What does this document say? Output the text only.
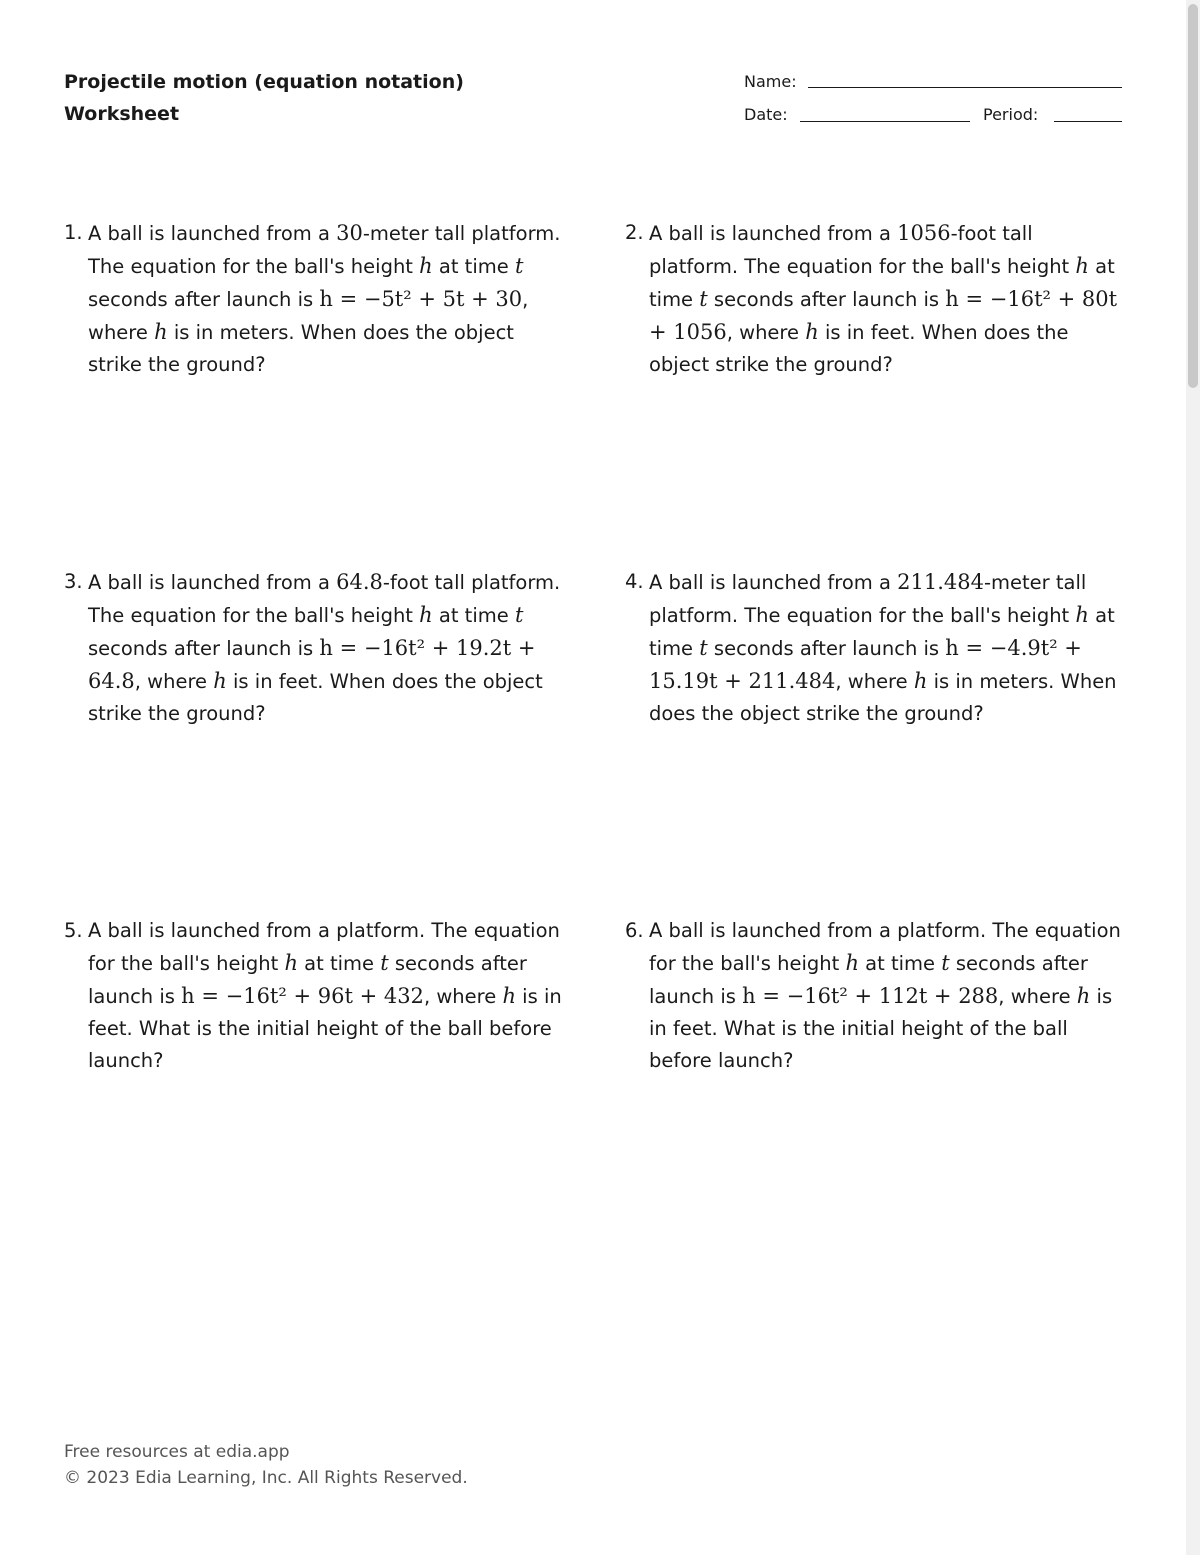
Projectile motion (equation notation)
Worksheet
Name:
Date:	Period:
1. A ball is launched from a 30-meter tall platform. The equation for the ball's height h at time t seconds after launch is h = −5t² + 5t + 30, where h is in meters. When does the object strike the ground?
2. A ball is launched from a 1056-foot tall platform. The equation for the ball's height h at time t seconds after launch is h = −16t² + 80t + 1056, where h is in feet. When does the object strike the ground?
3. A ball is launched from a 64.8-foot tall platform. The equation for the ball's height h at time t seconds after launch is h = −16t² + 19.2t + 64.8, where h is in feet. When does the object strike the ground?
4. A ball is launched from a 211.484-meter tall platform. The equation for the ball's height h at time t seconds after launch is h = −4.9t² + 15.19t + 211.484, where h is in meters. When does the object strike the ground?
5. A ball is launched from a platform. The equation for the ball's height h at time t seconds after launch is h = −16t² + 96t + 432, where h is in feet. What is the initial height of the ball before launch?
6. A ball is launched from a platform. The equation for the ball's height h at time t seconds after launch is h = −16t² + 112t + 288, where h is in feet. What is the initial height of the ball before launch?
Free resources at edia.app
© 2023 Edia Learning, Inc. All Rights Reserved.
